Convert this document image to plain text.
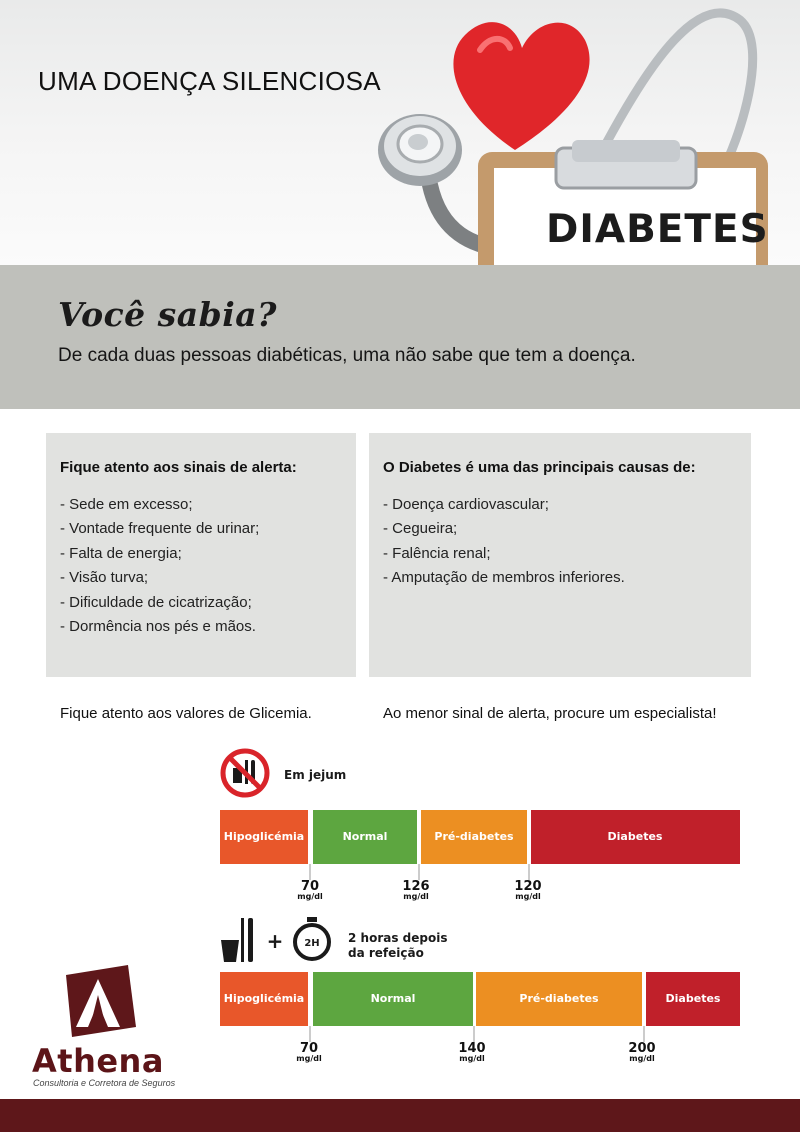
DIABETES
UMA DOENÇA SILENCIOSA
Você sabia?
De cada duas pessoas diabéticas, uma não sabe que tem a doença.
Fique atento aos sinais de alerta:
- Sede em excesso;
- Vontade frequente de urinar;
- Falta de energia;
- Visão turva;
- Dificuldade de cicatrização;
- Dormência nos pés e mãos.
O Diabetes é uma das principais causas de:
- Doença cardiovascular;
- Cegueira;
- Falência renal;
- Amputação de membros inferiores.
Fique atento aos valores de Glicemia.	Ao menor sinal de alerta, procure um especialista!
Em jejum
Hipoglicémia	Normal	Pré-diabetes	Diabetes
70	126	120
mg/dl	mg/dl	mg/dl
+ 2H 2 horas depois
da refeição
Hipoglicémia	Normal	Pré-diabetes	Diabetes
70	140	200
mg/dl	mg/dl	mg/dl
Athena
Consultoria e Corretora de Seguros
